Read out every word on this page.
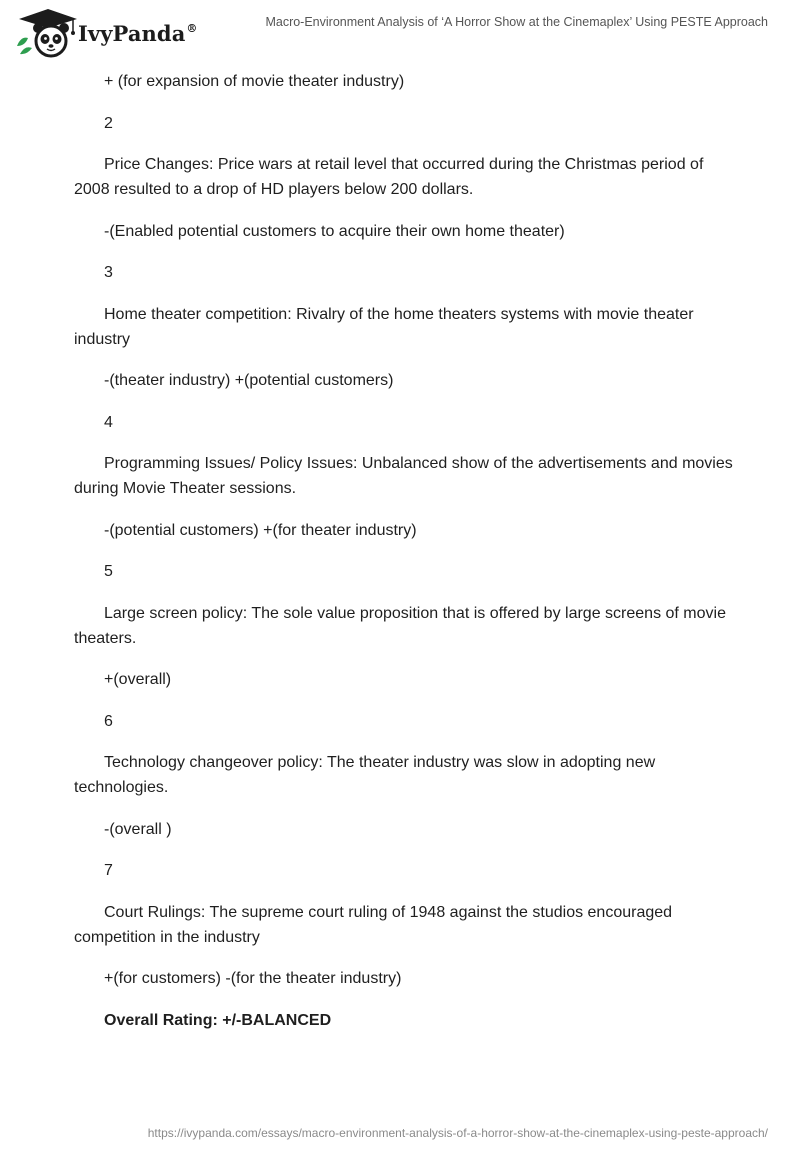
IvyPanda®	Macro-Environment Analysis of ‘A Horror Show at the Cinemaplex’ Using PESTE Approach

+ (for expansion of movie theater industry)

2

Price Changes: Price wars at retail level that occurred during the Christmas period of 2008 resulted to a drop of HD players below 200 dollars.

-(Enabled potential customers to acquire their own home theater)

3

Home theater competition: Rivalry of the home theaters systems with movie theater industry

-(theater industry) +(potential customers)

4

Programming Issues/ Policy Issues: Unbalanced show of the advertisements and movies during Movie Theater sessions.

-(potential customers) +(for theater industry)

5

Large screen policy: The sole value proposition that is offered by large screens of movie theaters.

+(overall)

6

Technology changeover policy: The theater industry was slow in adopting new technologies.

-(overall )

7

Court Rulings: The supreme court ruling of 1948 against the studios encouraged competition in the industry

+(for customers) -(for the theater industry)

Overall Rating: +/-BALANCED

https://ivypanda.com/essays/macro-environment-analysis-of-a-horror-show-at-the-cinemaplex-using-peste-approach/
